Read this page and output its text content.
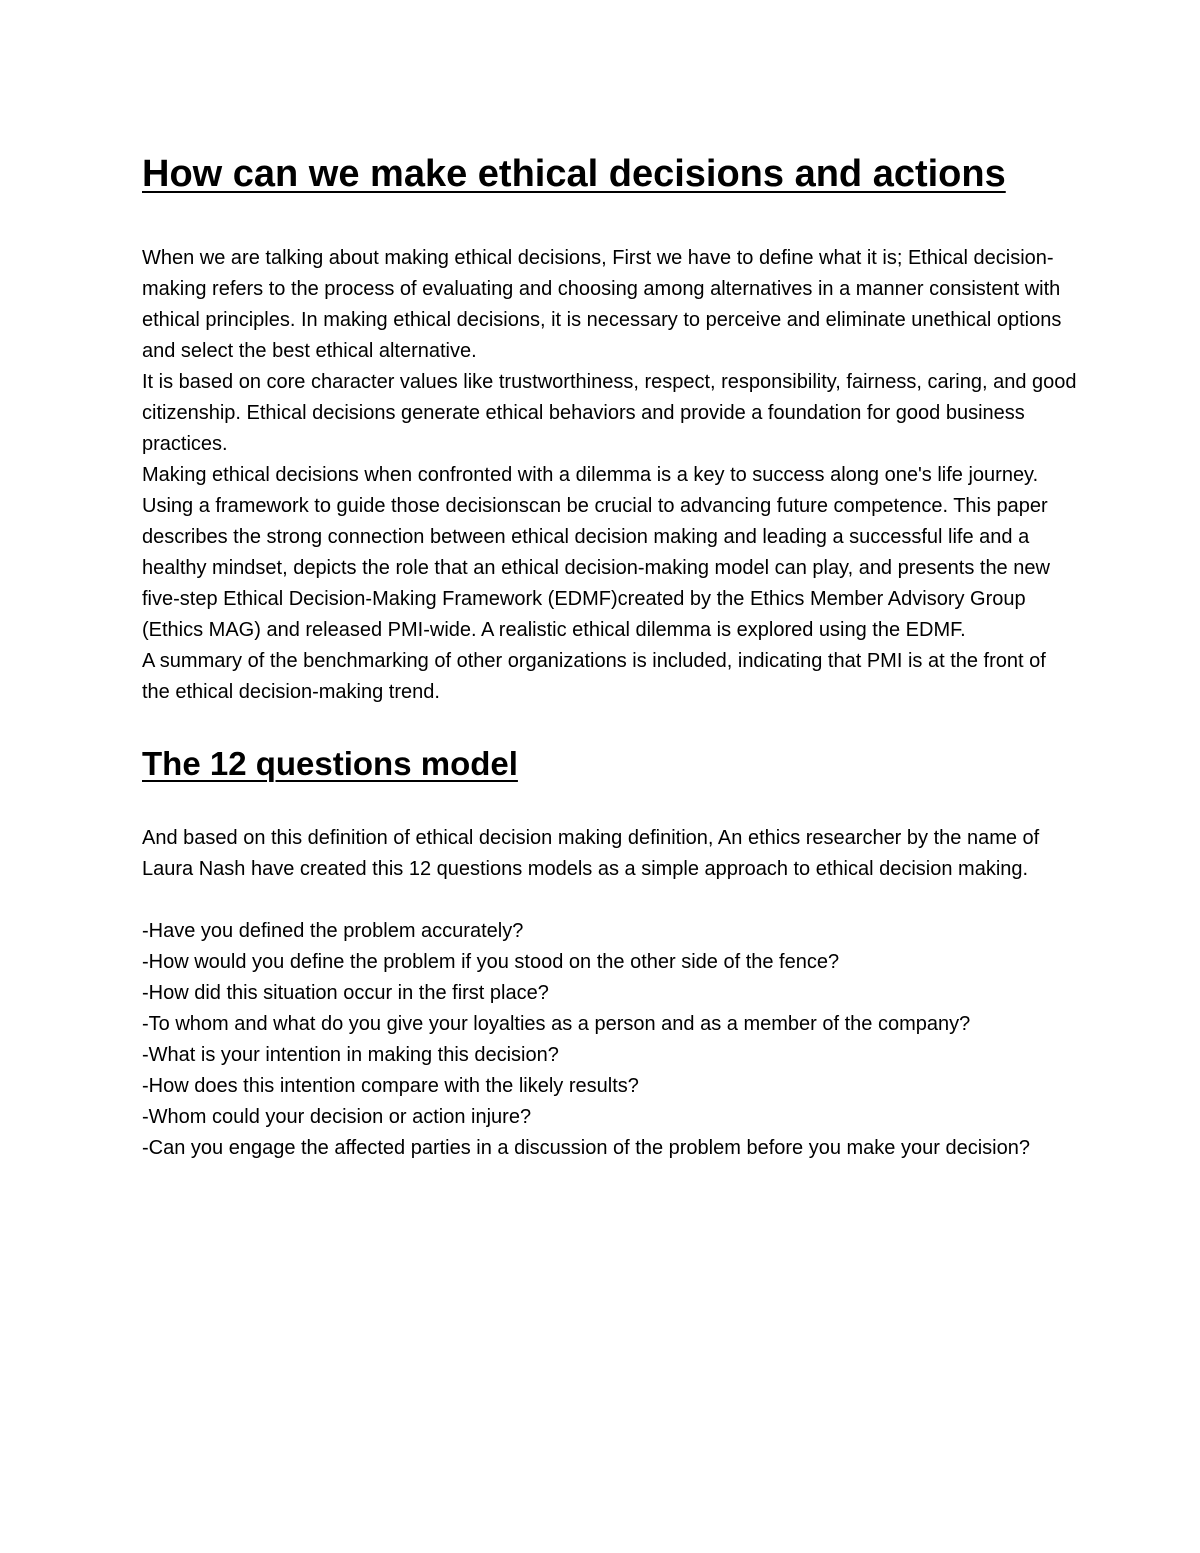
How can we make ethical decisions and actions

When we are talking about making ethical decisions, First we have to define what it is; Ethical decision-making refers to the process of evaluating and choosing among alternatives in a manner consistent with ethical principles. In making ethical decisions, it is necessary to perceive and eliminate unethical options and select the best ethical alternative.

It is based on core character values like trustworthiness, respect, responsibility, fairness, caring, and good citizenship. Ethical decisions generate ethical behaviors and provide a foundation for good business practices.

Making ethical decisions when confronted with a dilemma is a key to success along one's life journey. Using a framework to guide those decisionscan be crucial to advancing future competence. This paper describes the strong connection between ethical decision making and leading a successful life and a healthy mindset, depicts the role that an ethical decision-making model can play, and presents the new five-step Ethical Decision-Making Framework (EDMF)created by the Ethics Member Advisory Group (Ethics MAG) and released PMI-wide. A realistic ethical dilemma is explored using the EDMF.

A summary of the benchmarking of other organizations is included, indicating that PMI is at the front of the ethical decision-making trend.

The 12 questions model

And based on this definition of ethical decision making definition, An ethics researcher by the name of Laura Nash have created this 12 questions models as a simple approach to ethical decision making.

-Have you defined the problem accurately?
-How would you define the problem if you stood on the other side of the fence?
-How did this situation occur in the first place?
-To whom and what do you give your loyalties as a person and as a member of the company?
-What is your intention in making this decision?
-How does this intention compare with the likely results?
-Whom could your decision or action injure?
-Can you engage the affected parties in a discussion of the problem before you make your decision?
